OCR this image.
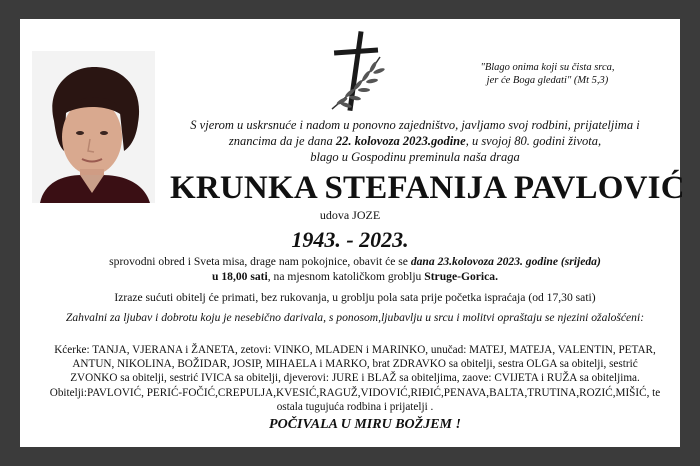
"Blago onima koji su čista srca,
jer će Boga gledati" (Mt 5,3)
S vjerom u uskrsnuće i nadom u ponovno zajedništvo, javljamo svoj rodbini, prijateljima i
znancima da je dana 22. kolovoza 2023.godine, u svojoj 80. godini života,
blago u Gospodinu preminula naša draga
KRUNKA STEFANIJA PAVLOVIĆ
udova JOZE
1943. - 2023.
sprovodni obred i Sveta misa, drage nam pokojnice, obavit će se dana 23.kolovoza 2023. godine (srijeda)
u 18,00 sati, na mjesnom katoličkom groblju Struge-Gorica.
Izraze sućuti obitelj će primati, bez rukovanja, u groblju pola sata prije početka ispraćaja (od 17,30 sati)
Zahvalni za ljubav i dobrotu koju je nesebično darivala, s ponosom,ljubavlju u srcu i molitvi opraštaju se njezini ožalošćeni:
Kćerke: TANJA, VJERANA i ŽANETA, zetovi: VINKO, MLADEN i MARINKO, unučad: MATEJ, MATEJA, VALENTIN, PETAR,
ANTUN, NIKOLINA, BOŽIDAR, JOSIP, MIHAELA i MARKO, brat ZDRAVKO sa obitelji, sestra OLGA sa obitelji, sestrić
ZVONKO sa obitelji, sestrić IVICA sa obitelji, djeverovi: JURE i BLAŽ sa obiteljima, zaove: CVIJETA i RUŽA sa obiteljima.
Obitelji:PAVLOVIĆ, PERIĆ-FOČIĆ,CREPULJA,KVESIĆ,RAGUŽ,VIDOVIĆ,RIĐIĆ,PENAVA,BALTA,TRUTINA,ROZIĆ,MIŠIĆ, te
ostala tugujuća rodbina i prijatelji .
POČIVALA U MIRU BOŽJEM !
